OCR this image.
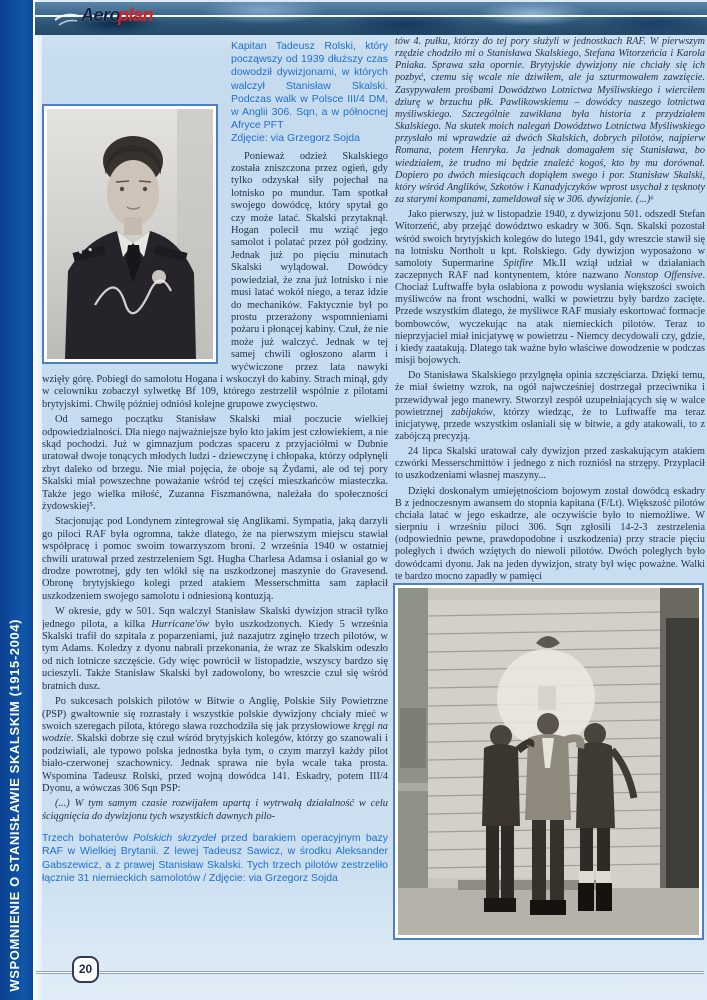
WSPOMNIENIE O STANISŁAWIE SKALSKIM (1915-2004)
Aeroplan
Kapitan Tadeusz Rolski, który począwszy od 1939 dłuższy czas dowodził dywizjonami, w których walczył Stanisław Skalski. Podczas walk w Polsce III/4 DM, w Anglii 306. Sqn, a w północnej Afryce PFT
Zdjęcie: via Grzegorz Sojda

Ponieważ odzież Skalskiego została zniszczona przez ogień, gdy tylko odzyskał siły pojechał na lotnisko po mundur. Tam spotkał swojego dowódcę, który spytał go czy może latać. Skalski przytaknął. Hogan polecił mu wziąć jego samolot i polatać przez pół godziny. Jednak już po pięciu minutach Skalski wylądował. Dowódcy powiedział, że zna już lotnisko i nie musi latać wokół niego, a teraz idzie do mechaników. Faktycznie był po prostu przerażony wspomnieniami pożaru i płonącej kabiny. Czuł, że nie może już walczyć. Jednak w tej samej chwili ogłoszono alarm i wyćwiczone przez lata nawyki wzięły górę. Pobiegł do samolotu Hogana i wskoczył do kabiny. Strach minął, gdy w celowniku zobaczył sylwetkę Bf 109, którego zestrzelił wspólnie z pilotami brytyjskimi. Chwilę później odniósł kolejne grupowe zwycięstwo.

Od samego początku Stanisław Skalski miał poczucie wielkiej odpowiedzialności. Dla niego najważniejsze było kto jakim jest człowiekiem, a nie skąd pochodzi. Już w gimnazjum podczas spaceru z przyjaciółmi w Dubnie uratował dwoje tonących młodych ludzi - dziewczynę i chłopaka, którzy odpłynęli zbyt daleko od brzegu. Nie miał pojęcia, że oboje są Żydami, ale od tej pory Skalski miał powszechne poważanie wśród tej części mieszkańców miasteczka. Także jego wielka miłość, Zuzanna Fiszmanówna, należała do społeczności żydowskiej⁵.

Stacjonując pod Londynem zintegrował się Anglikami. Sympatia, jaką darzyli go piloci RAF była ogromna, także dlatego, że na pierwszym miejscu stawiał współpracę i pomoc swoim towarzyszom broni. 2 września 1940 w ostatniej chwili uratował przed zestrzeleniem Sgt. Hugha Charlesa Adamsa i osłaniał go w drodze powrotnej, gdy ten wlókł się na uszkodzonej maszynie do Gravesend. Obronę brytyjskiego kolegi przed atakiem Messerschmitta sam zapłacił uszkodzeniem swojego samolotu i odniesioną kontuzją.

W okresie, gdy w 501. Sqn walczył Stanisław Skalski dywizjon stracił tylko jednego pilota, a kilka Hurricane'ów było uszkodzonych. Kiedy 5 września Skalski trafił do szpitala z poparzeniami, już nazajutrz zginęło trzech pilotów, w tym Adams. Koledzy z dyonu nabrali przekonania, że wraz ze Skalskim odeszło od nich lotnicze szczęście. Gdy więc powrócił w listopadzie, wszyscy bardzo się ucieszyli. Także Stanisław Skalski był zadowolony, bo wreszcie czuł się wśród bratnich dusz.

Po sukcesach polskich pilotów w Bitwie o Anglię, Polskie Siły Powietrzne (PSP) gwałtownie się rozrastały i wszystkie polskie dywizjony chciały mieć w swoich szeregach pilota, którego sława rozchodziła się jak przysłowiowe kręgi na wodzie. Skalski dobrze się czuł wśród brytyjskich kolegów, którzy go szanowali i podziwiali, ale typowo polska jednostka była tym, o czym marzył każdy pilot biało-czerwonej szachownicy. Jednak sprawa nie była wcale taka prosta. Wspomina Tadeusz Rolski, przed wojną dowódca 141. Eskadry, potem III/4 Dyonu, a wówczas 306 Sqn PSP:

(...) W tym samym czasie rozwijałem upartą i wytrwałą działalność w celu ściągnięcia do dywizjonu tych wszystkich dawnych pilo-

Trzech bohaterów Polskich skrzydeł przed barakiem operacyjnym bazy RAF w Wielkiej Brytanii. Z lewej Tadeusz Sawicz, w środku Aleksander Gabszewicz, a z prawej Stanisław Skalski. Tych trzech pilotów zestrzeliło łącznie 31 niemieckich samolotów / Zdjęcie: via Grzegorz Sojda

tów 4. pułku, którzy do tej pory służyli w jednostkach RAF. W pierwszym rzędzie chodziło mi o Stanisława Skalskiego, Stefana Witorzeńcia i Karola Pniaka. Sprawa szła opornie. Brytyjskie dywizjony nie chciały się ich pozbyć, czemu się wcale nie dziwiłem, ale ja szturmowałem zawzięcie. Zasypywałem prośbami Dowództwo Lotnictwa Myśliwskiego i wierciłem dziurę w brzuchu płk. Pawlikowskiemu – dowódcy naszego lotnictwa myśliwskiego. Szczególnie zawikłana była historia z przydziałem Skalskiego. Na skutek moich nalegań Dowództwo Lotnictwa Myśliwskiego przysłało mi wprawdzie aż dwóch Skalskich, dobrych pilotów, najpierw Romana, potem Henryka. Ja jednak domagałem się Stanisława, bo wiedziałem, że trudno mi będzie znaleźć kogoś, kto by mu dorównał. Dopiero po dwóch miesiącach dopiąłem swego i por. Stanisław Skalski, który wśród Anglików, Szkotów i Kanadyjczyków wprost usychał z tęsknoty za starymi kompanami, zameldował się w 306. dywizjonie. (...)⁶

Jako pierwszy, już w listopadzie 1940, z dywizjonu 501. odszedł Stefan Witorzeńć, aby przejąć dowództwo eskadry w 306. Sqn. Skalski pozostał wśród swoich brytyjskich kolegów do lutego 1941, gdy wreszcie stawił się na lotnisku Northolt u kpt. Rolskiego. Gdy dywizjon wyposażono w samoloty Supermarine Spitfire Mk.II wziął udział w działaniach zaczepnych RAF nad kontynentem, które nazwano Nonstop Offensive. Chociaż Luftwaffe była osłabiona z powodu wysłania większości swoich myśliwców na front wschodni, walki w powietrzu były bardzo zacięte. Przede wszystkim dlatego, że myśliwce RAF musiały eskortować formacje bombowców, wyczekując na atak niemieckich pilotów. Teraz to nieprzyjaciel miał inicjatywę w powietrzu - Niemcy decydowali czy, gdzie, i kiedy zaatakują. Dlatego tak ważne było właściwe dowodzenie w podczas misji bojowych.

Do Stanisława Skalskiego przylgnęła opinia szczęściarza. Dzięki temu, że miał świetny wzrok, na ogół najwcześniej dostrzegał przeciwnika i przewidywał jego manewry. Stworzył zespół uzupełniających się w walce powietrznej zabijaków, którzy wiedząc, że to Luftwaffe ma teraz inicjatywę, przede wszystkim osłaniali się w bitwie, a gdy atakowali, to z zabójczą precyzją.

24 lipca Skalski uratował cały dywizjon przed zaskakującym atakiem czwórki Messerschmittów i jednego z nich rozniósł na strzępy. Przypłacił to uszkodzeniami własnej maszyny...

Dzięki doskonałym umiejętnościom bojowym został dowódcą eskadry B z jednoczesnym awansem do stopnia kapitana (F/Lt). Większość pilotów chciała latać w jego eskadrze, ale oczywiście było to niemożliwe. W sierpniu i wrześniu piloci 306. Sqn zgłosili 14-2-3 zestrzelenia (odpowiednio pewne, prawdopodobne i uszkodzenia) przy stracie pięciu poległych i dwóch wziętych do niewoli pilotów. Dwóch poległych było dowódcami dyonu. Jak na jeden dywizjon, straty był więc poważne. Walki te bardzo mocno zapadły w pamięci

20
